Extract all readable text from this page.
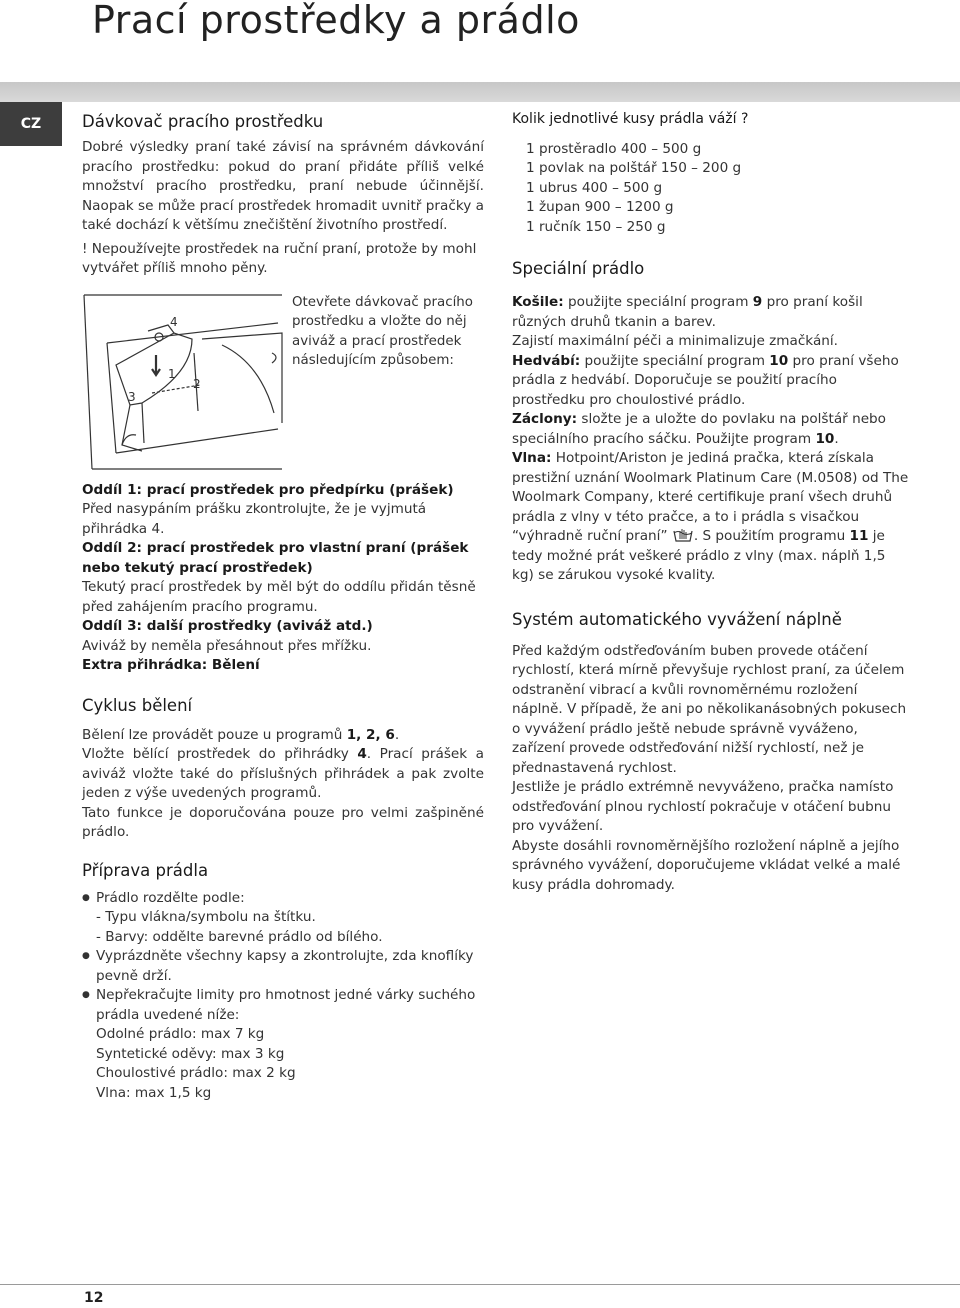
Prací prostředky a prádlo
CZ	Dávkovač pracího prostředku

Dobré výsledky praní také závisí na správném dávkování pracího prostředku: pokud do praní přidáte příliš velké množství pracího prostředku, praní nebude účinnější. Naopak se může prací prostředek hromadit uvnitř pračky a také dochází k většímu znečištění životního prostředí.

! Nepoužívejte prostředek na ruční praní, protože by mohl vytvářet příliš mnoho pěny.

4
1
2
3

Otevřete dávkovač pracího prostředku a vložte do něj aviváž a prací prostředek následujícím způsobem:

Oddíl 1: prací prostředek pro předpírku (prášek)

Před nasypáním prášku zkontrolujte, že je vyjmutá přihrádka 4.

Oddíl 2: prací prostředek pro vlastní praní (prášek nebo tekutý prací prostředek)

Tekutý prací prostředek by měl být do oddílu přidán těsně před zahájením pracího programu.

Oddíl 3: další prostředky (aviváž atd.)

Aviváž by neměla přesáhnout přes mřížku.

Extra přihrádka: Bělení

Cyklus bělení

Bělení lze provádět pouze u programů 1, 2, 6.

Vložte bělící prostředek do přihrádky 4. Prací prášek a aviváž vložte také do příslušných přihrádek a pak zvolte jeden z výše uvedených programů.

Tato funkce je doporučována pouze pro velmi zašpiněné prádlo.

Příprava prádla
● Prádlo rozdělte podle:
- Typu vlákna/symbolu na štítku.
- Barvy: oddělte barevné prádlo od bílého.
● Vyprázdněte všechny kapsy a zkontrolujte, zda knoflíky pevně drží.
● Nepřekračujte limity pro hmotnost jedné várky suchého prádla uvedené níže:
Odolné prádlo: max 7 kg
Syntetické oděvy: max 3 kg
Choulostivé prádlo: max 2 kg
Vlna: max 1,5 kg

Kolik jednotlivé kusy prádla váží ?

1 prostěradlo 400 – 500 g
1 povlak na polštář 150 – 200 g
1 ubrus 400 – 500 g
1 župan 900 – 1200 g
1 ručník 150 – 250 g
Speciální prádlo

Košile: použijte speciální program 9 pro praní košil různých druhů tkanin a barev.

Zajistí maximální péči a minimalizuje zmačkání.

Hedvábí: použijte speciální program 10 pro praní všeho prádla z hedvábí. Doporučuje se použití pracího prostředku pro choulostivé prádlo.

Záclony: složte je a uložte do povlaku na polštář nebo speciálního pracího sáčku. Použijte program 10.

Vlna: Hotpoint/Ariston je jediná pračka, která získala prestižní uznání Woolmark Platinum Care (M.0508) od The Woolmark Company, které certifikuje praní všech druhů prádla z vlny v této pračce, a to i prádla s visačkou “výhradně ruční praní” . S použitím programu 11 je tedy možné prát veškeré prádlo z vlny (max. náplň 1,5 kg) se zárukou vysoké kvality.

Systém automatického vyvážení náplně

Před každým odstřeďováním buben provede otáčení rychlostí, která mírně převyšuje rychlost praní, za účelem odstranění vibrací a kvůli rovnoměrnému rozložení náplně. V případě, že ani po několikanásobných pokusech o vyvážení prádlo ještě nebude správně vyváženo, zařízení provede odstřeďování nižší rychlostí, než je přednastavená rychlost.

Jestliže je prádlo extrémně nevyváženo, pračka namísto odstřeďování plnou rychlostí pokračuje v otáčení bubnu pro vyvážení.

Abyste dosáhli rovnoměrnějšího rozložení náplně a jejího správného vyvážení, doporučujeme vkládat velké a malé kusy prádla dohromady.

12
